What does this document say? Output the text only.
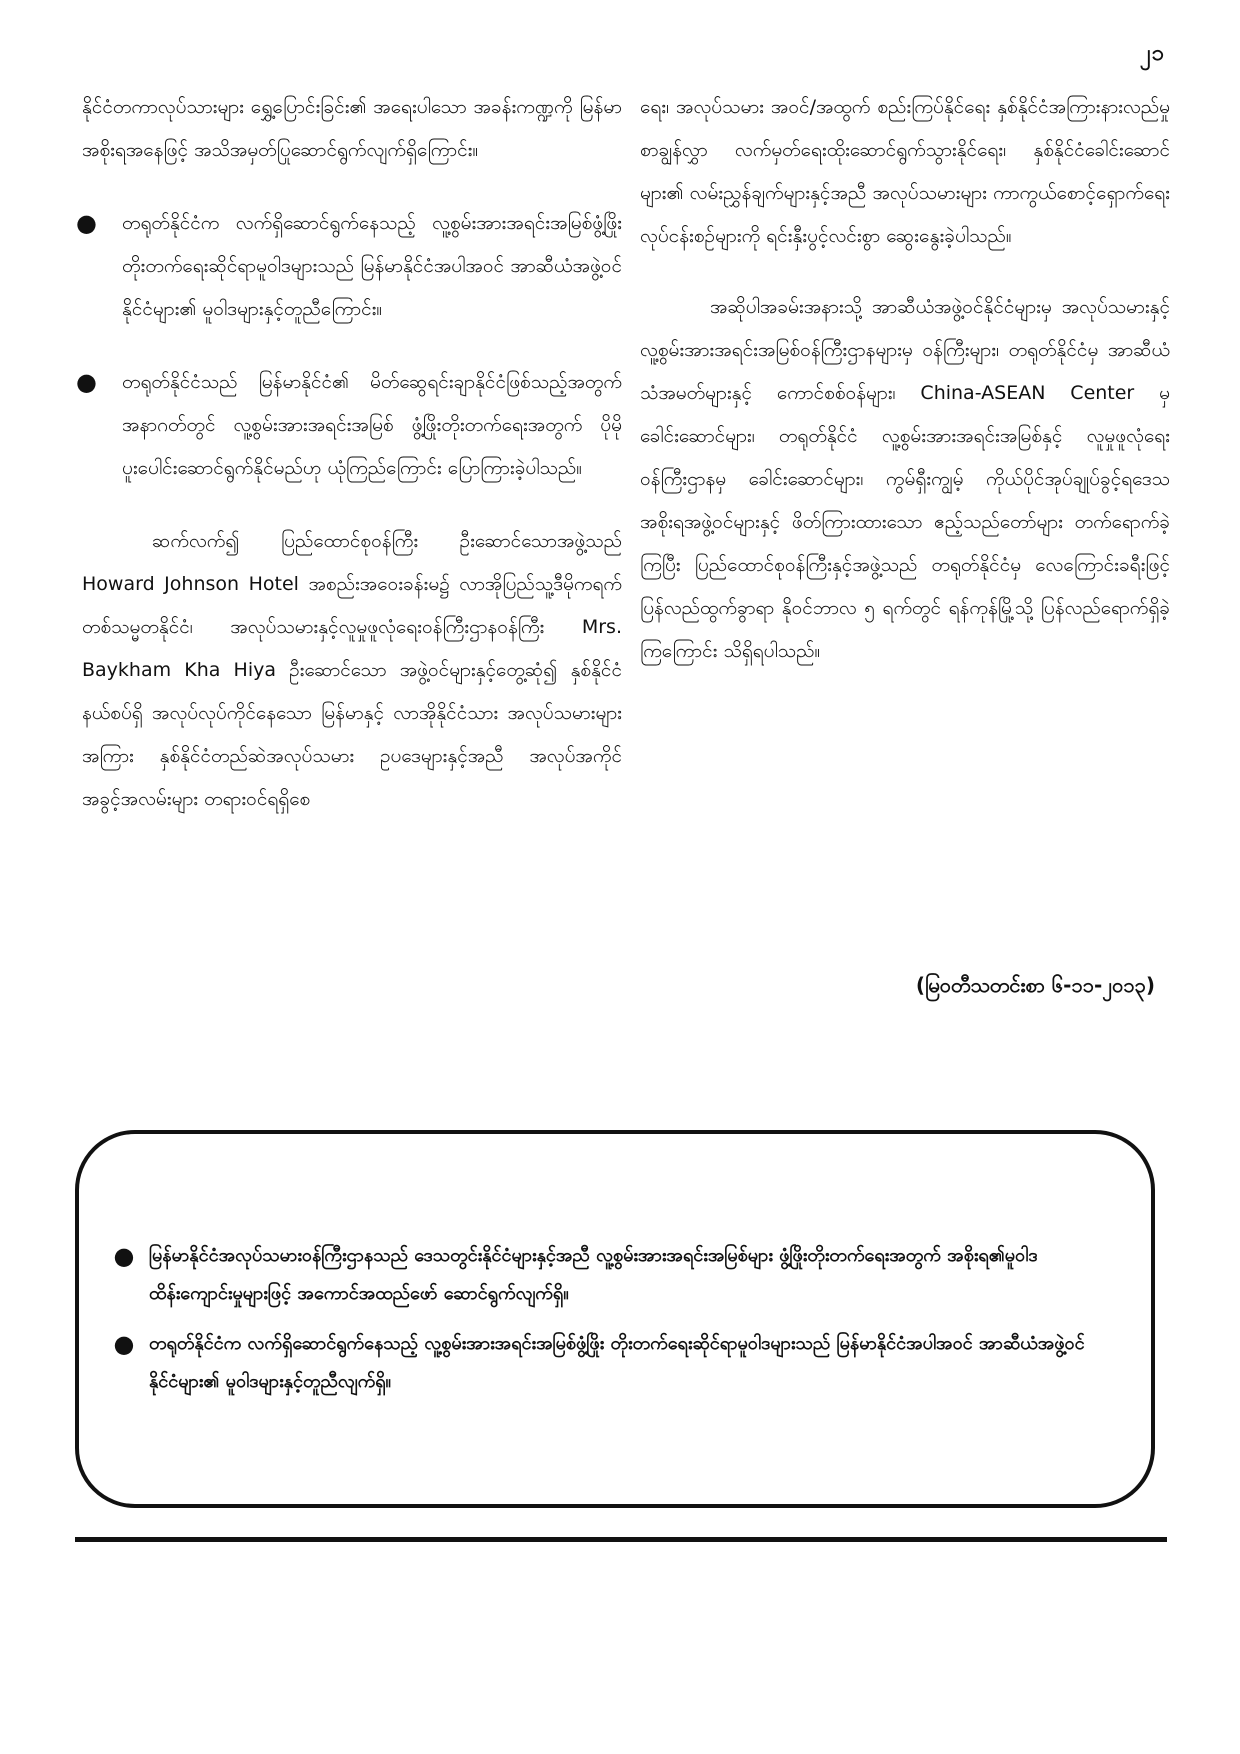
၂၁

နိုင်ငံတကာလုပ်သားများ ရွှေ့ပြောင်းခြင်း၏ အရေးပါသော အခန်းကဏ္ဍကို မြန်မာအစိုးရအနေဖြင့် အသိအမှတ်ပြုဆောင်ရွက်လျက်ရှိကြောင်း။

●	တရုတ်နိုင်ငံက လက်ရှိဆောင်ရွက်နေသည့် လူ့စွမ်းအားအရင်းအမြစ်ဖွံ့ဖြိုးတိုးတက်ရေးဆိုင်ရာမူဝါဒများသည် မြန်မာနိုင်ငံအပါအဝင် အာဆီယံအဖွဲ့ဝင်နိုင်ငံများ၏ မူဝါဒများနှင့်တူညီကြောင်း။

●	တရုတ်နိုင်ငံသည် မြန်မာနိုင်ငံ၏ မိတ်ဆွေရင်းချာနိုင်ငံဖြစ်သည့်အတွက် အနာဂတ်တွင် လူ့စွမ်းအားအရင်းအမြစ် ဖွံ့ဖြိုးတိုးတက်ရေးအတွက် ပိုမိုပူးပေါင်းဆောင်ရွက်နိုင်မည်ဟု ယုံကြည်ကြောင်း ပြောကြားခဲ့ပါသည်။

ဆက်လက်၍ ပြည်ထောင်စုဝန်ကြီး ဦးဆောင်သောအဖွဲ့သည် Howard Johnson Hotel အစည်းအဝေးခန်းမ၌ လာအိုပြည်သူ့ဒီမိုကရက်တစ်သမ္မတနိုင်ငံ၊ အလုပ်သမားနှင့်လူမှုဖူလုံရေးဝန်ကြီးဌာနဝန်ကြီး Mrs. Baykham Kha Hiya ဦးဆောင်သော အဖွဲ့ဝင်များနှင့်တွေ့ဆုံ၍ နှစ်နိုင်ငံနယ်စပ်ရှိ အလုပ်လုပ်ကိုင်နေသော မြန်မာနှင့် လာအိုနိုင်ငံသား အလုပ်သမားများအကြား နှစ်နိုင်ငံတည်ဆဲအလုပ်သမား ဥပဒေများနှင့်အညီ အလုပ်အကိုင်အခွင့်အလမ်းများ တရားဝင်ရရှိစေ

ရေး၊ အလုပ်သမား အဝင်/အထွက် စည်းကြပ်နိုင်ရေး နှစ်နိုင်ငံအကြားနားလည်မှုစာချွန်လွှာ လက်မှတ်ရေးထိုးဆောင်ရွက်သွားနိုင်ရေး၊ နှစ်နိုင်ငံခေါင်းဆောင်များ၏ လမ်းညွှန်ချက်များနှင့်အညီ အလုပ်သမားများ ကာကွယ်စောင့်ရှောက်ရေး လုပ်ငန်းစဉ်များကို ရင်းနှီးပွင့်လင်းစွာ ဆွေးနွေးခဲ့ပါသည်။

အဆိုပါအခမ်းအနားသို့ အာဆီယံအဖွဲ့ဝင်နိုင်ငံများမှ အလုပ်သမားနှင့် လူ့စွမ်းအားအရင်းအမြစ်ဝန်ကြီးဌာနများမှ ဝန်ကြီးများ၊ တရုတ်နိုင်ငံမှ အာဆီယံသံအမတ်များနှင့် ကောင်စစ်ဝန်များ၊ China-ASEAN Center မှ ခေါင်းဆောင်များ၊ တရုတ်နိုင်ငံ လူ့စွမ်းအားအရင်းအမြစ်နှင့် လူမှုဖူလုံရေးဝန်ကြီးဌာနမှ ခေါင်းဆောင်များ၊ ကွမ်ရှီးကျွမ့် ကိုယ်ပိုင်အုပ်ချုပ်ခွင့်ရဒေသအစိုးရအဖွဲ့ဝင်များနှင့် ဖိတ်ကြားထားသော ဧည့်သည်တော်များ တက်ရောက်ခဲ့ကြပြီး ပြည်ထောင်စုဝန်ကြီးနှင့်အဖွဲ့သည် တရုတ်နိုင်ငံမှ လေကြောင်းခရီးဖြင့် ပြန်လည်ထွက်ခွာရာ နိုဝင်ဘာလ ၅ ရက်တွင် ရန်ကုန်မြို့သို့ ပြန်လည်ရောက်ရှိခဲ့ကြကြောင်း သိရှိရပါသည်။

(မြဝတီသတင်းစာ ၆-၁၁-၂၀၁၃)
● မြန်မာနိုင်ငံအလုပ်သမားဝန်ကြီးဌာနသည် ဒေသတွင်းနိုင်ငံများနှင့်အညီ လူ့စွမ်းအားအရင်းအမြစ်များ ဖွံ့ဖြိုးတိုးတက်ရေးအတွက် အစိုးရ၏မူဝါဒထိန်းကျောင်းမှုများဖြင့် အကောင်အထည်ဖော် ဆောင်ရွက်လျက်ရှိ။

● တရုတ်နိုင်ငံက လက်ရှိဆောင်ရွက်နေသည့် လူ့စွမ်းအားအရင်းအမြစ်ဖွံ့ဖြိုး တိုးတက်ရေးဆိုင်ရာမူဝါဒများသည် မြန်မာနိုင်ငံအပါအဝင် အာဆီယံအဖွဲ့ဝင်နိုင်ငံများ၏ မူဝါဒများနှင့်တူညီလျက်ရှိ။
